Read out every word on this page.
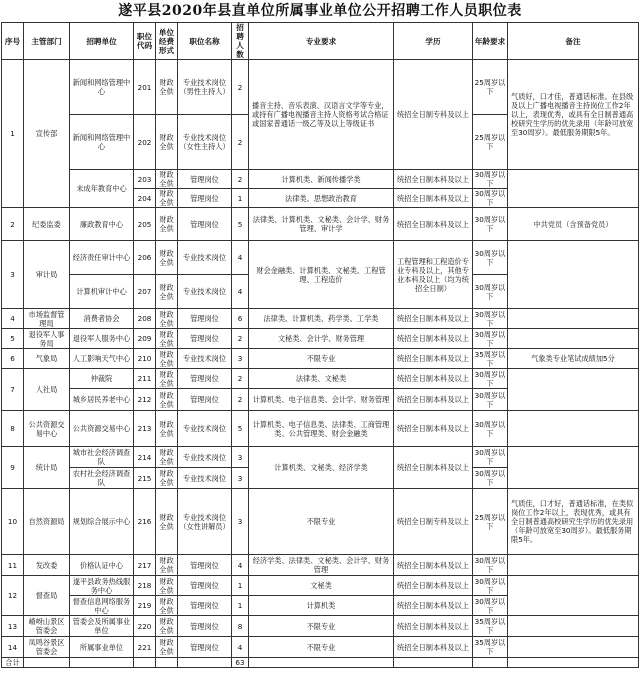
遂平县2020年县直单位所属事业单位公开招聘工作人员职位表
序号	主管部门	招聘单位	职位代码	单位经费形式	职位名称	招聘人数	专业要求	学历	年龄要求	备注
1	宣传部	新闻和网络管理中心	201	财政全供	专业技术岗位（男性主持人）	2	播音主持、音乐表演、汉语言文学等专业，或持有广播电视播音主持人资格考试合格证或国家普通话一级乙等及以上等级证书	统招全日制专科及以上	25周岁以下	气质好，口才佳，普通话标准。在县级及以上广播电视播音主持岗位工作2年以上，表现优秀，或具有全日制普通高校研究生学历的优先录用（年龄可放宽至30周岁）。最低服务期限5年。
		新闻和网络管理中心	202	财政全供	专业技术岗位（女性主持人）	2			25周岁以下	
		未成年教育中心	203	财政全供	管理岗位	2	计算机类、新闻传播学类	统招全日制本科及以上	30周岁以下	
			204	财政全供	管理岗位	1	法律类、思想政治教育	统招全日制本科及以上	30周岁以下	
2	纪委监委	廉政教育中心	205	财政全供	管理岗位	5	法律类、计算机类、文秘类、会计学、财务管理、审计学	统招全日制本科及以上	30周岁以下	中共党员（含预备党员）
3	审计局	经济责任审计中心	206	财政全供	专业技术岗位	4	财会金融类、计算机类、文秘类、工程管理、工程造价	工程管理和工程造价专业专科及以上，其他专业本科及以上（均为统招全日制）	30周岁以下	
		计算机审计中心	207	财政全供	专业技术岗位	4			30周岁以下	
4	市场监督管理局	消费者协会	208	财政全供	管理岗位	6	法律类、计算机类、药学类、工学类	统招全日制本科及以上	30周岁以下	
5	退役军人事务局	退役军人服务中心	209	财政全供	管理岗位	2	文秘类、会计学、财务管理	统招全日制本科及以上	30周岁以下	
6	气象局	人工影响天气中心	210	财政全供	专业技术岗位	3	不限专业	统招全日制本科及以上	35周岁以下	气象类专业笔试成绩加5分
7	人社局	仲裁院	211	财政全供	管理岗位	2	法律类、文秘类	统招全日制本科及以上	30周岁以下	
		城乡居民养老中心	212	财政全供	管理岗位	2	计算机类、电子信息类、会计学、财务管理	统招全日制本科及以上	30周岁以下	
8	公共资源交易中心	公共资源交易中心	213	财政全供	专业技术岗位	5	计算机类、电子信息类、法律类、工商管理类、公共管理类、财会金融类	统招全日制本科及以上	30周岁以下	
9	统计局	城市社会经济调查队	214	财政全供	专业技术岗位	3	计算机类、文秘类、经济学类	统招全日制本科及以上	30周岁以下	
		农村社会经济调查队	215	财政全供	专业技术岗位	3			30周岁以下	
10	自然资源局	规划综合展示中心	216	财政全供	专业技术岗位（女性讲解员）	3	不限专业	统招全日制专科及以上	25周岁以下	气质佳，口才好，普通话标准，在类似岗位工作2年以上，表现优秀，或具有全日制普通高校研究生学历的优先录用（年龄可放宽至30周岁）。最低服务期限5年。
11	发改委	价格认证中心	217	财政全供	管理岗位	4	经济学类、法律类、文秘类、会计学、财务管理	统招全日制本科及以上	30周岁以下	
12	督查局	遂平县政务热线服务中心	218	财政全供	管理岗位	1	文秘类	统招全日制本科及以上	30周岁以下	
		督查信息网络服务中心	219	财政全供	管理岗位	1	计算机类	统招全日制本科及以上	30周岁以下	
13	嵖岈山景区管委会	管委会及所属事业单位	220	财政全供	管理岗位	8	不限专业	统招全日制本科及以上	35周岁以下	
14	凤鸣谷景区管委会	所属事业单位	221	财政全供	管理岗位	4	不限专业	统招全日制本科及以上	35周岁以下	
合计						63				
